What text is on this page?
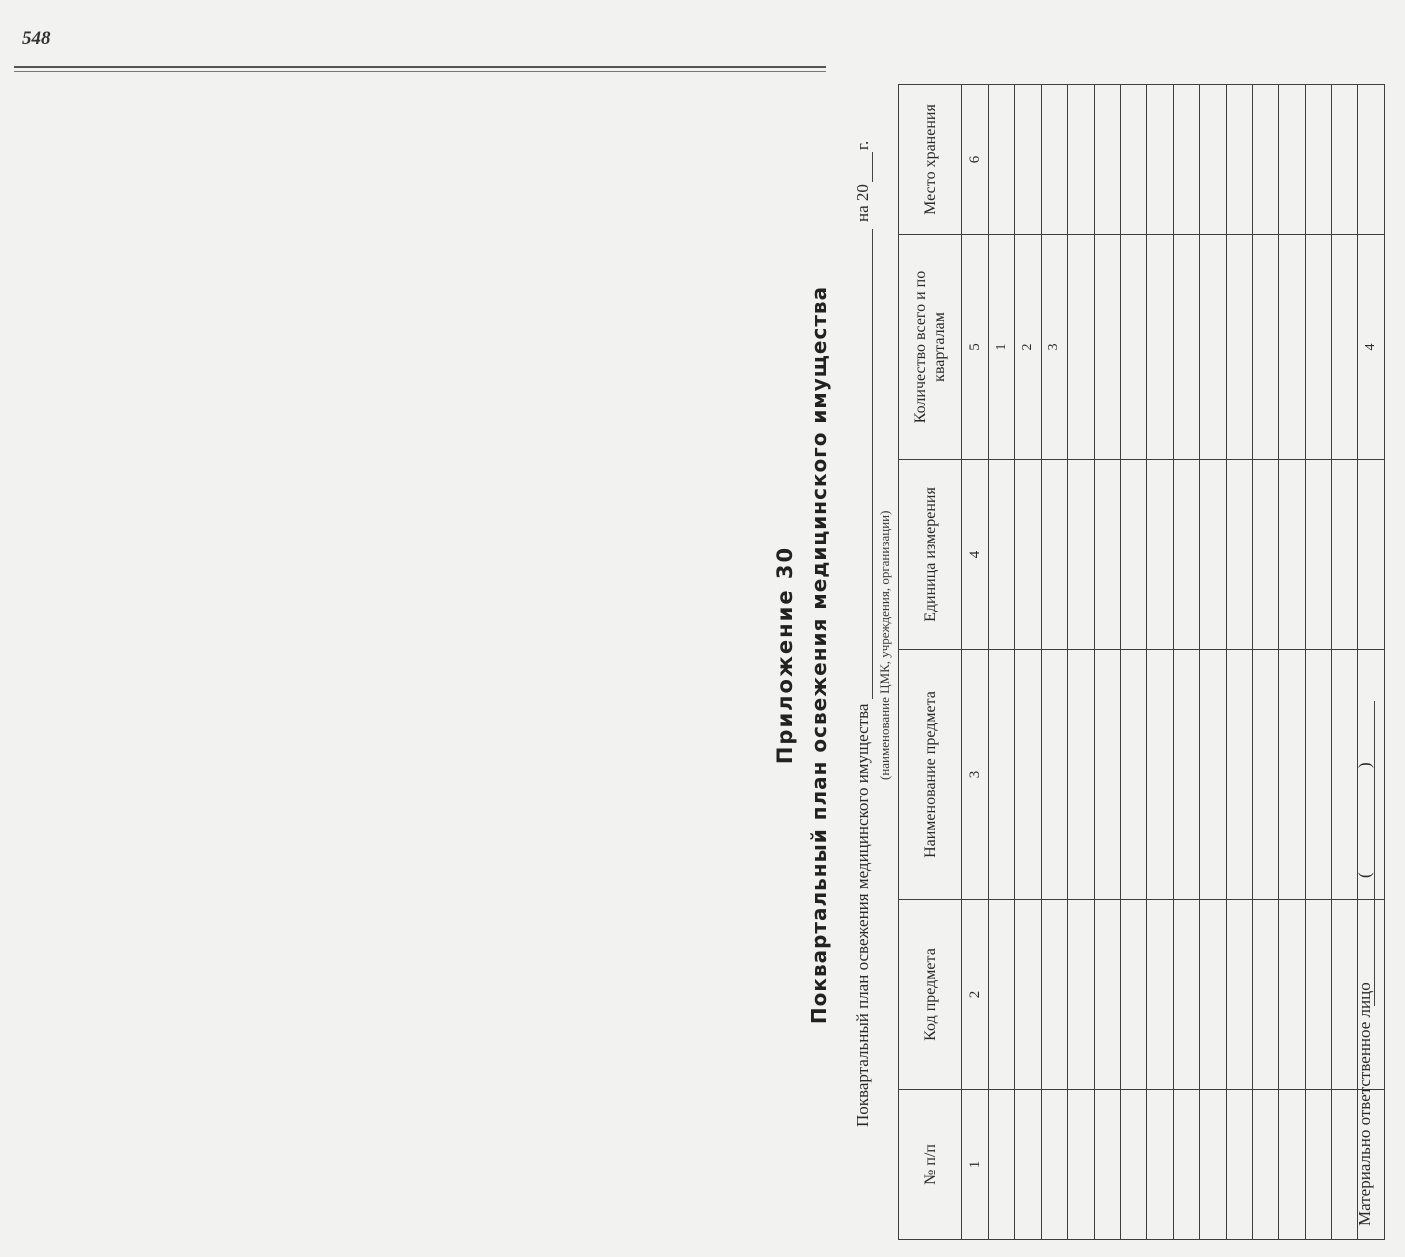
548
Приложение 30 Поквартальный план освежения медицинского имущества Поквартальный план освежения медицинского имущества
на 20г.
(наименование ЦМК, учреждения, организации)
№ п/п	Код предмета	Наименование предмета	Единица измерения	Количество всего и по кварталам	Место хранения
1	2	3	4	5	6
				1	
				2	
				3	

				4	
Материально ответственное лицо
(
)
